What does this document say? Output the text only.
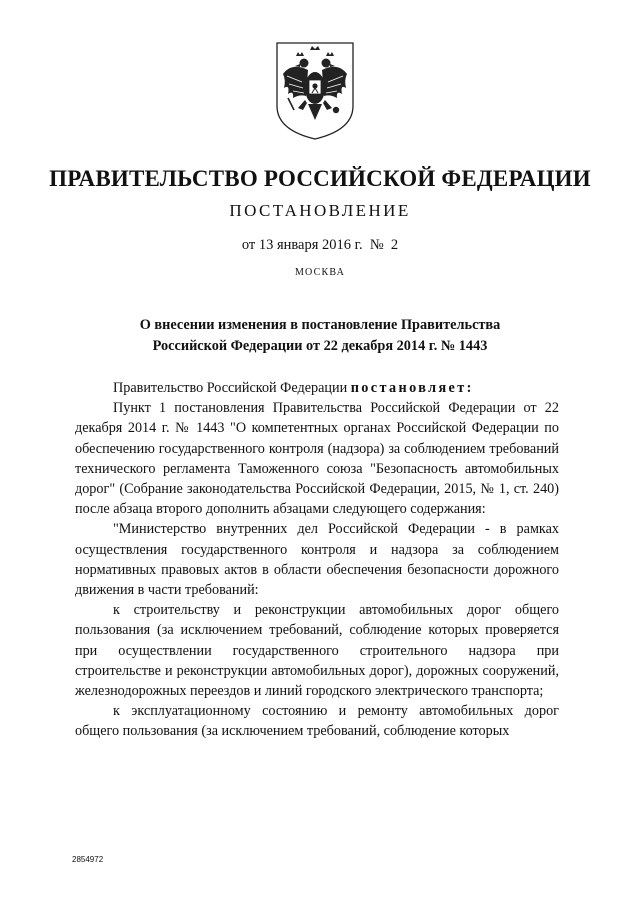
ПРАВИТЕЛЬСТВО РОССИЙСКОЙ ФЕДЕРАЦИИ
ПОСТАНОВЛЕНИЕ
от 13 января 2016 г.  №  2
МОСКВА
О внесении изменения в постановление Правительства
Российской Федерации от 22 декабря 2014 г. № 1443

Правительство Российской Федерации постановляет:

Пункт 1 постановления Правительства Российской Федерации от 22 декабря 2014 г. № 1443 "О компетентных органах Российской Федерации по обеспечению государственного контроля (надзора) за соблюдением требований технического регламента Таможенного союза "Безопасность автомобильных дорог" (Собрание законодательства Российской Федерации, 2015, № 1, ст. 240) после абзаца второго дополнить абзацами следующего содержания:

"Министерство внутренних дел Российской Федерации - в рамках осуществления государственного контроля и надзора за соблюдением нормативных правовых актов в области обеспечения безопасности дорожного движения в части требований:

к строительству и реконструкции автомобильных дорог общего пользования (за исключением требований, соблюдение которых проверяется при осуществлении государственного строительного надзора при строительстве и реконструкции автомобильных дорог), дорожных сооружений, железнодорожных переездов и линий городского электрического транспорта;

к эксплуатационному состоянию и ремонту автомобильных дорог общего пользования (за исключением требований, соблюдение которых

2854972
